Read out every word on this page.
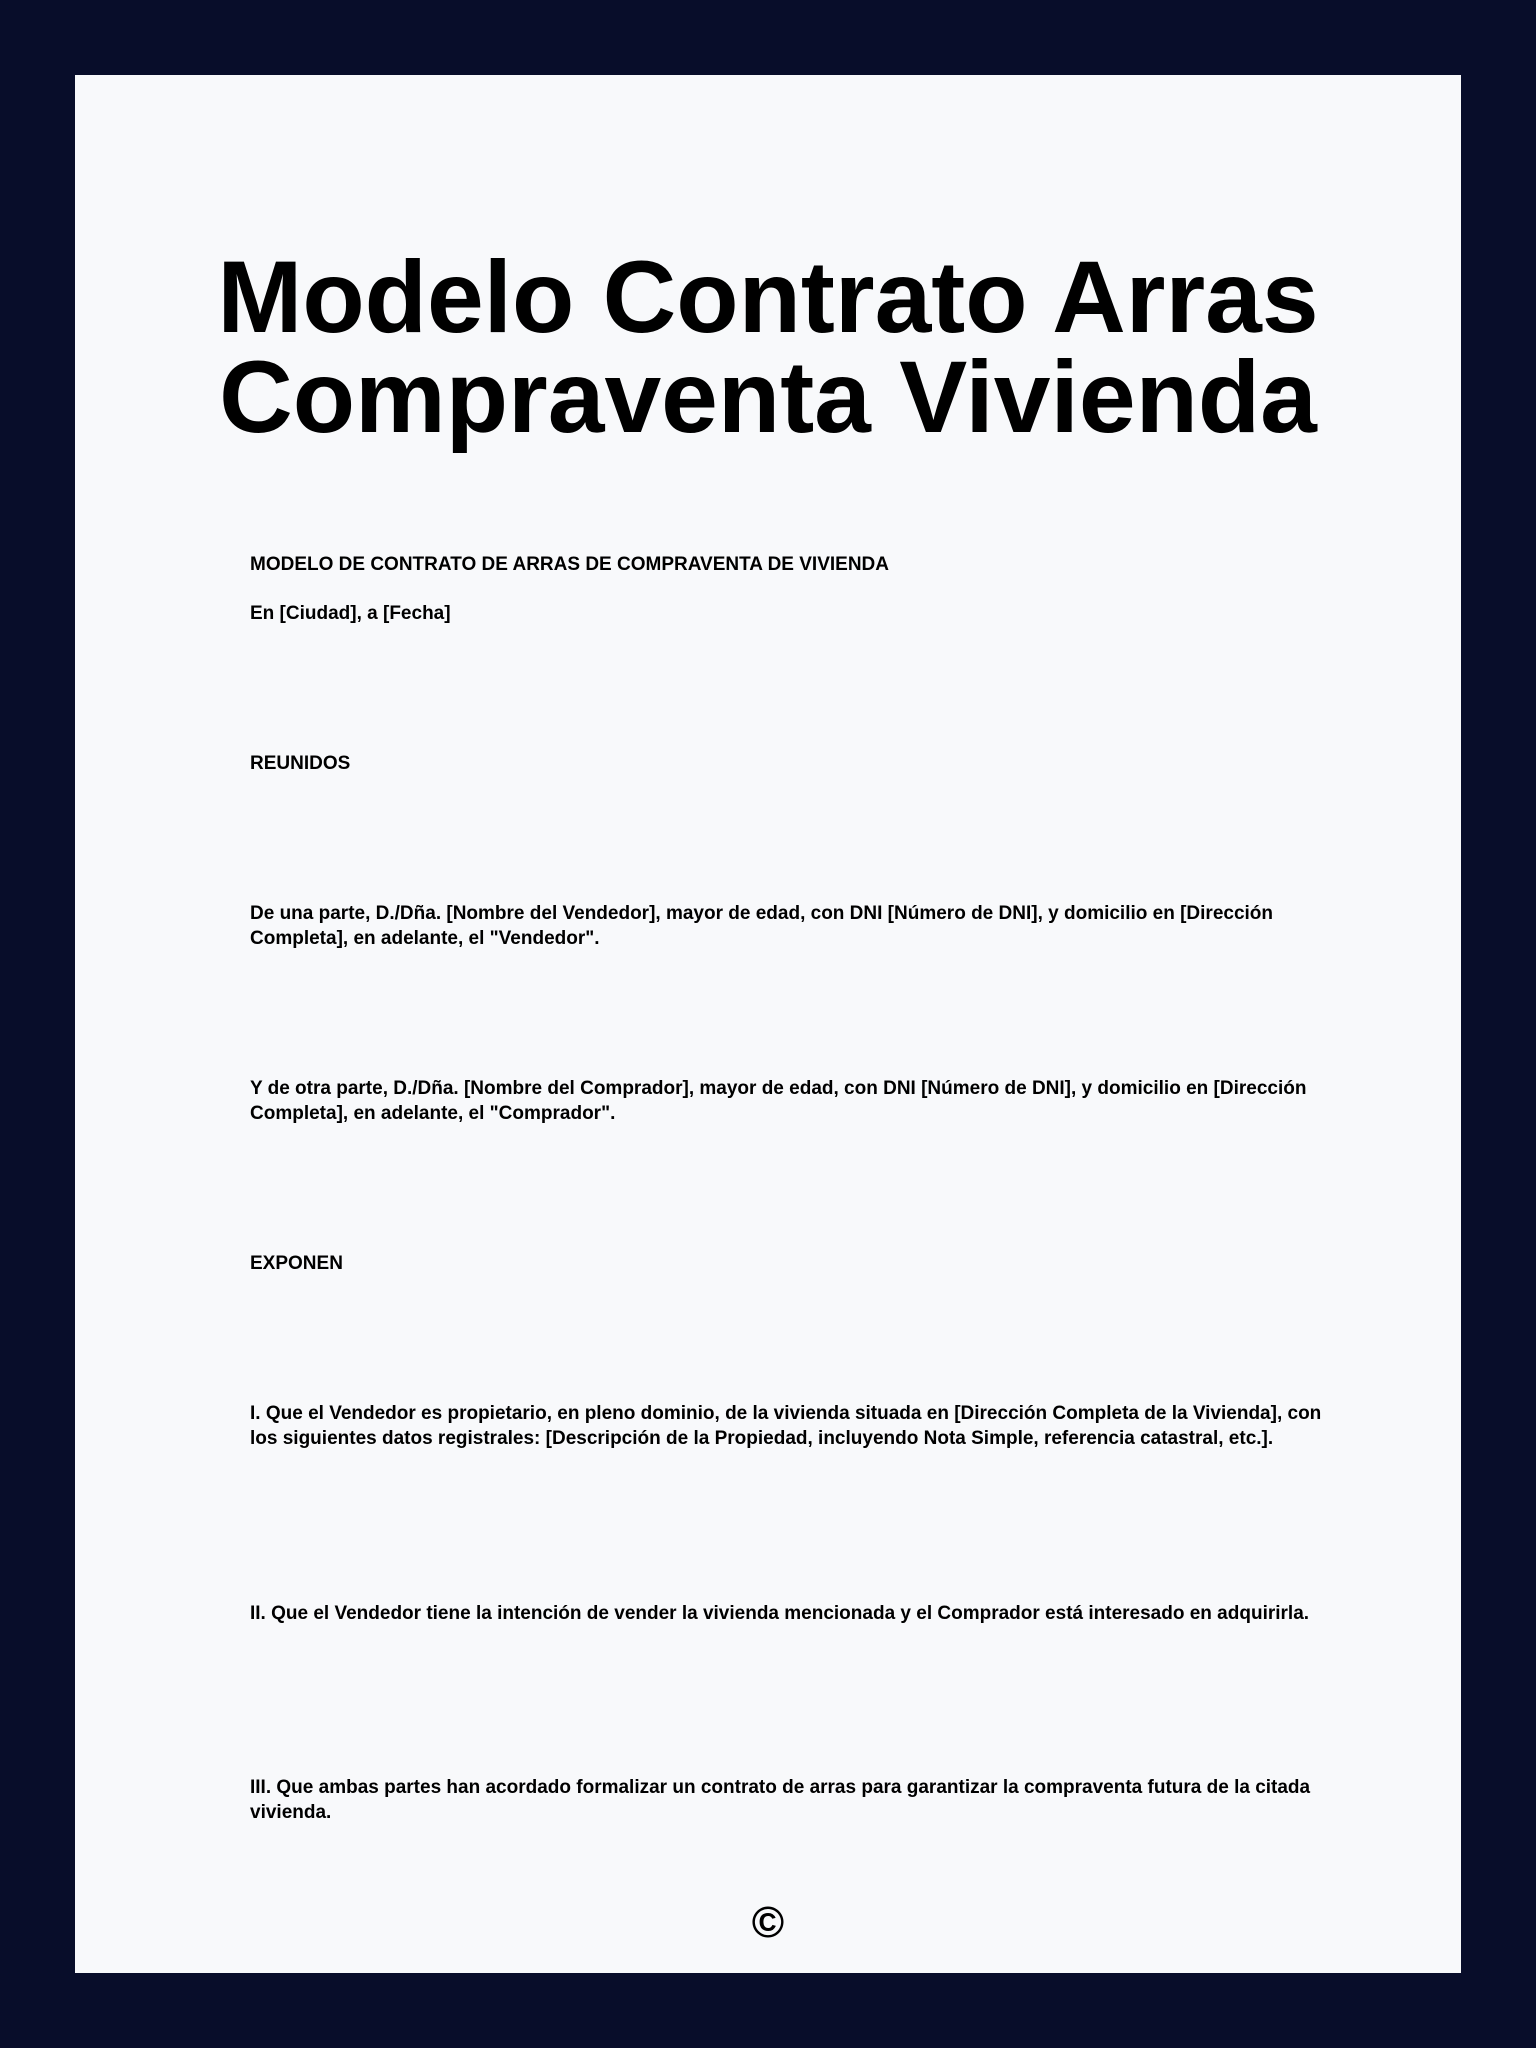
Modelo Contrato Arras
Compraventa Vivienda

MODELO DE CONTRATO DE ARRAS DE COMPRAVENTA DE VIVIENDA

En [Ciudad], a [Fecha]

REUNIDOS

De una parte, D./Dña. [Nombre del Vendedor], mayor de edad, con DNI [Número de DNI], y domicilio en [Dirección Completa], en adelante, el "Vendedor".

Y de otra parte, D./Dña. [Nombre del Comprador], mayor de edad, con DNI [Número de DNI], y domicilio en [Dirección Completa], en adelante, el "Comprador".

EXPONEN

I. Que el Vendedor es propietario, en pleno dominio, de la vivienda situada en [Dirección Completa de la Vivienda], con los siguientes datos registrales: [Descripción de la Propiedad, incluyendo Nota Simple, referencia catastral, etc.].

II. Que el Vendedor tiene la intención de vender la vivienda mencionada y el Comprador está interesado en adquirirla.

III. Que ambas partes han acordado formalizar un contrato de arras para garantizar la compraventa futura de la citada vivienda.

©
